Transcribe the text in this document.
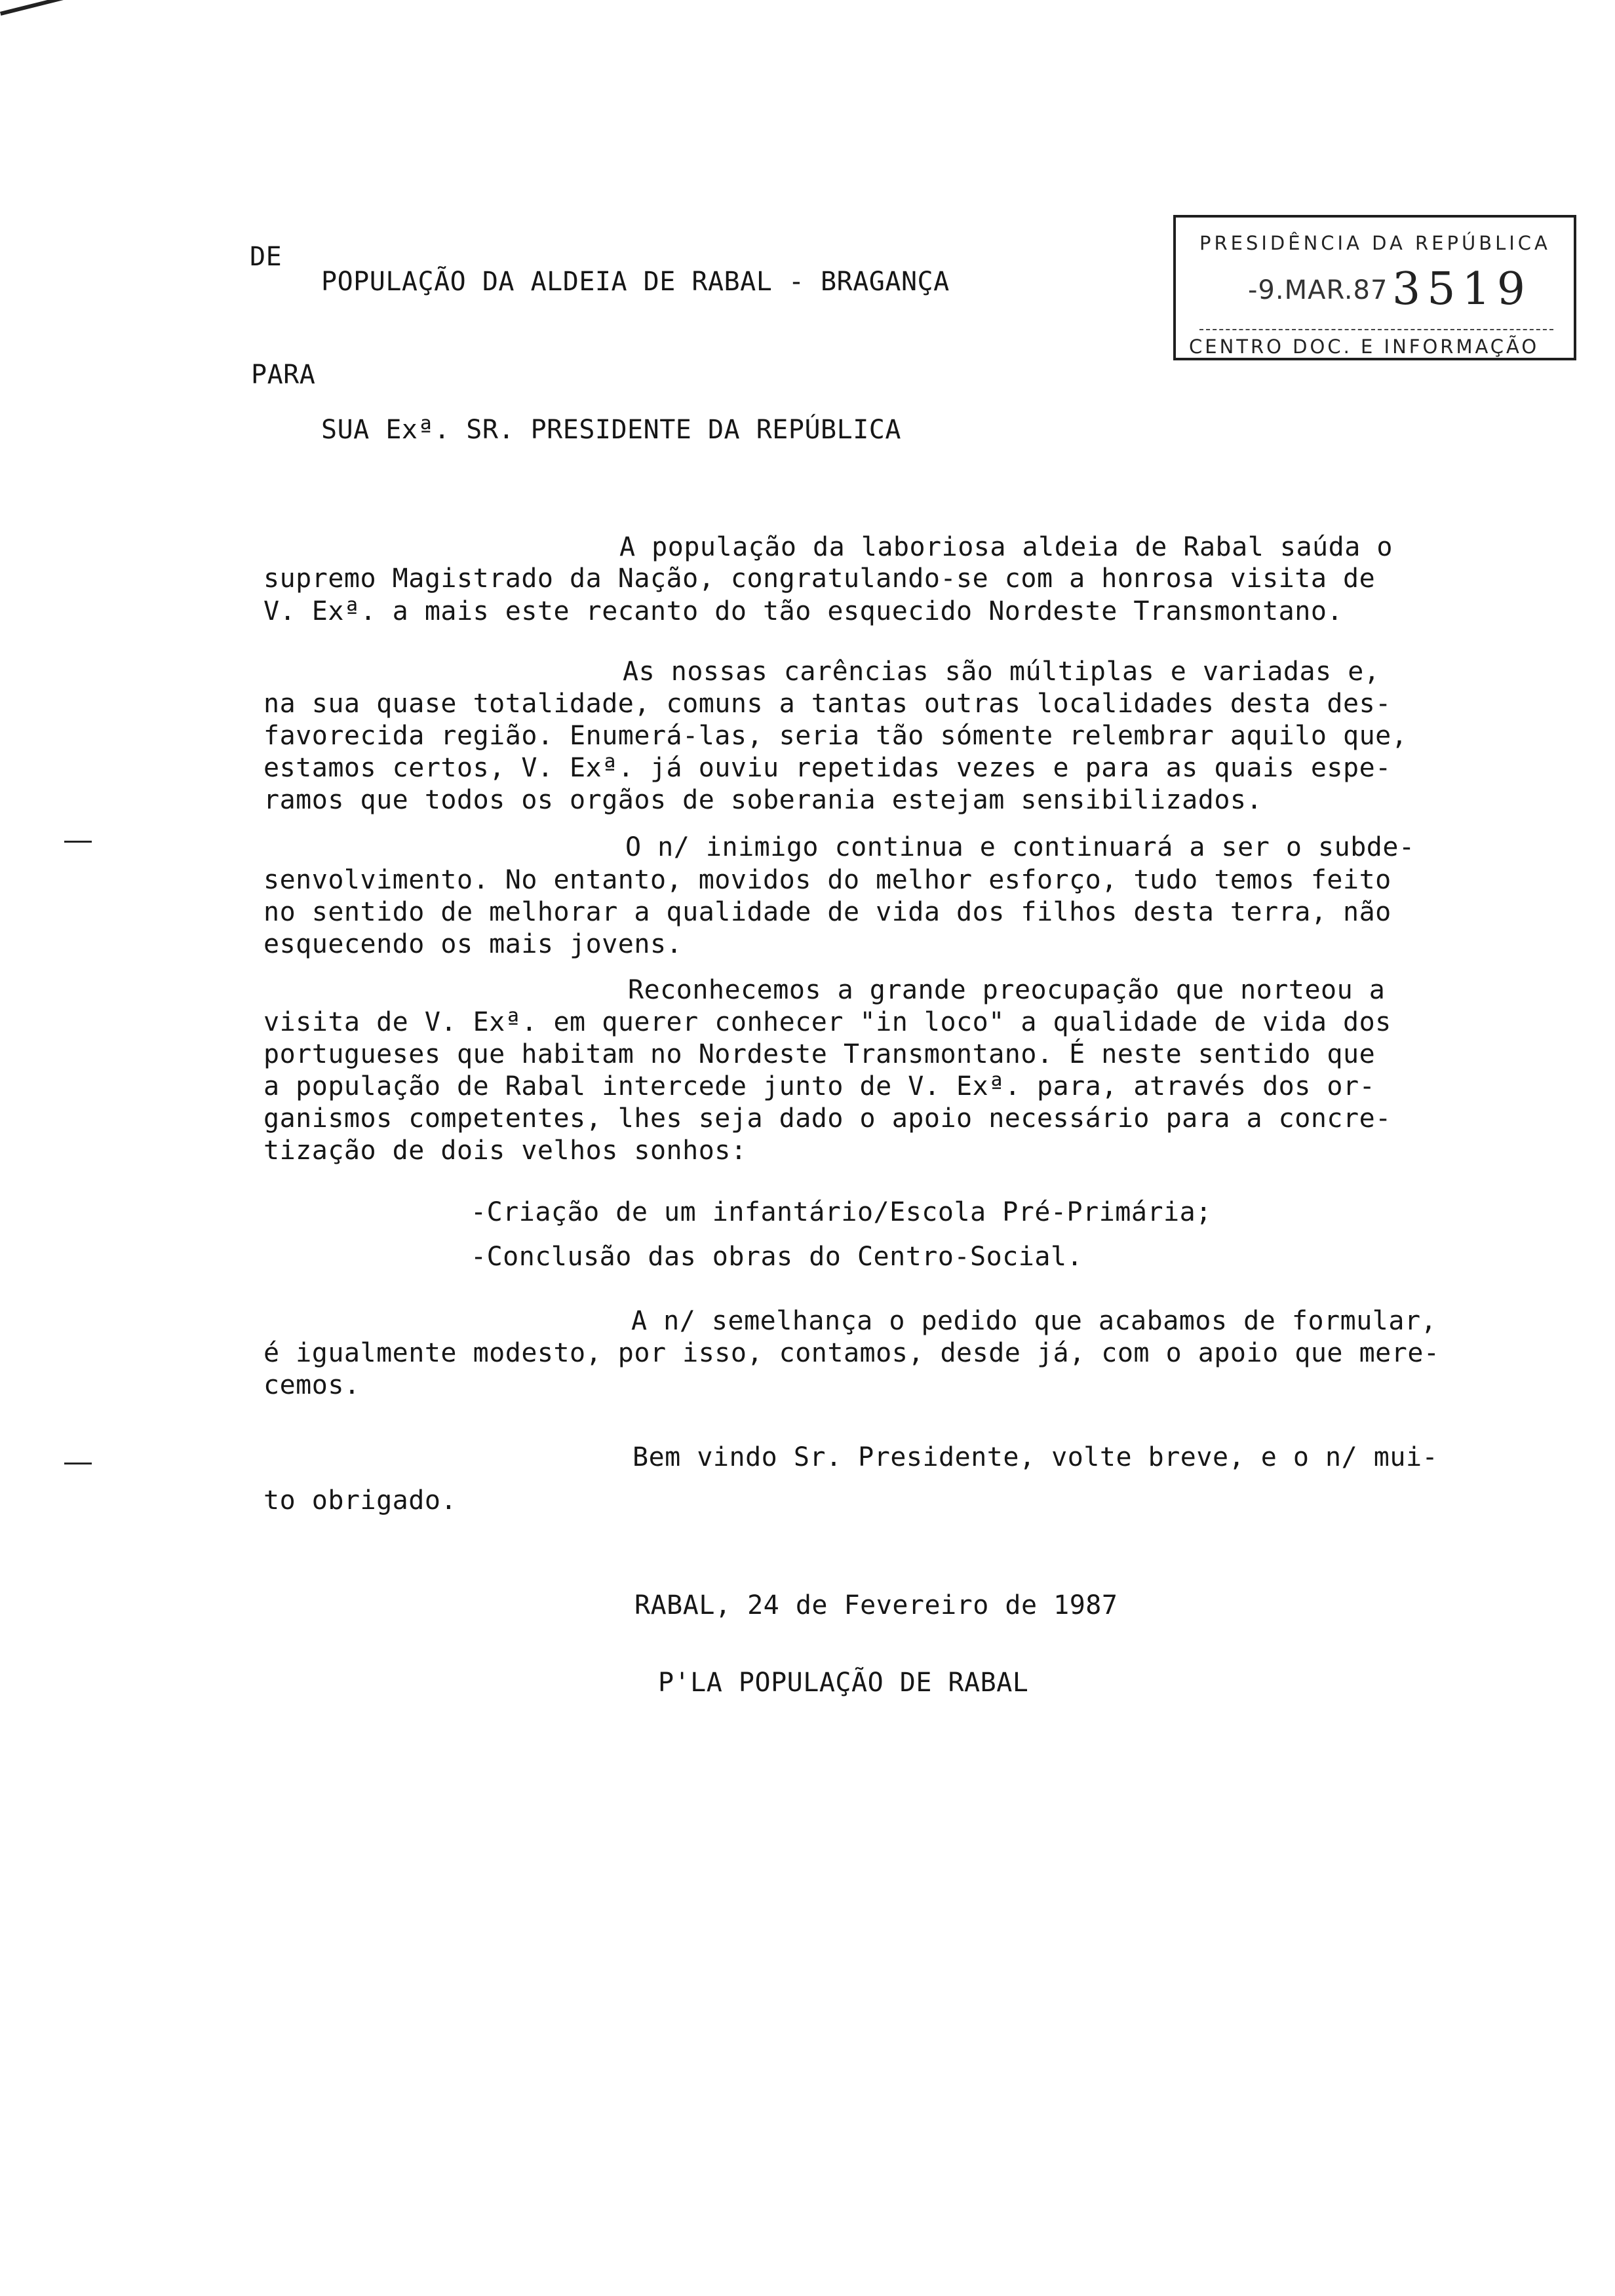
DE
POPULAÇÃO DA ALDEIA DE RABAL - BRAGANÇA
PARA
SUA Exª. SR. PRESIDENTE DA REPÚBLICA
PRESIDÊNCIA DA REPÚBLICA
-9.MAR.87 3519
CENTRO DOC. E INFORMAÇÃO
A população da laboriosa aldeia de Rabal saúda o
supremo Magistrado da Nação, congratulando-se com a honrosa visita de
V. Exª. a mais este recanto do tão esquecido Nordeste Transmontano.
As nossas carências são múltiplas e variadas e,
na sua quase totalidade, comuns a tantas outras localidades desta des-
favorecida região. Enumerá-las, seria tão sómente relembrar aquilo que,
estamos certos, V. Exª. já ouviu repetidas vezes e para as quais espe-
ramos que todos os orgãos de soberania estejam sensibilizados.
O n/ inimigo continua e continuará a ser o subde-
senvolvimento. No entanto, movidos do melhor esforço, tudo temos feito
no sentido de melhorar a qualidade de vida dos filhos desta terra, não
esquecendo os mais jovens.
Reconhecemos a grande preocupação que norteou a
visita de V. Exª. em querer conhecer "in loco" a qualidade de vida dos
portugueses que habitam no Nordeste Transmontano. É neste sentido que
a população de Rabal intercede junto de V. Exª. para, através dos or-
ganismos competentes, lhes seja dado o apoio necessário para a concre-
tização de dois velhos sonhos:
-Criação de um infantário/Escola Pré-Primária;
-Conclusão das obras do Centro-Social.
A n/ semelhança o pedido que acabamos de formular,
é igualmente modesto, por isso, contamos, desde já, com o apoio que mere-
cemos.
Bem vindo Sr. Presidente, volte breve, e o n/ mui-
to obrigado.
RABAL, 24 de Fevereiro de 1987
P'LA POPULAÇÃO DE RABAL
